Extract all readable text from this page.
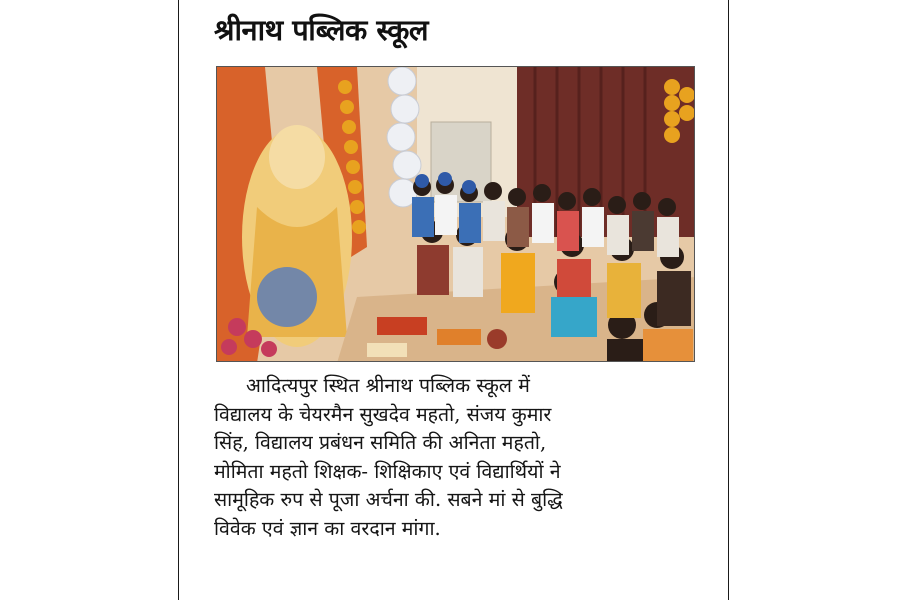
श्रीनाथ पब्लिक स्कूल
आदित्यपुर स्थित श्रीनाथ पब्लिक स्कूल में
विद्यालय के चेयरमैन सुखदेव महतो, संजय कुमार
सिंह, विद्यालय प्रबंधन समिति की अनिता महतो,
मोमिता महतो शिक्षक- शिक्षिकाए एवं विद्यार्थियों ने
सामूहिक रुप से पूजा अर्चना की. सबने मां से बुद्धि
विवेक एवं ज्ञान का वरदान मांगा.
